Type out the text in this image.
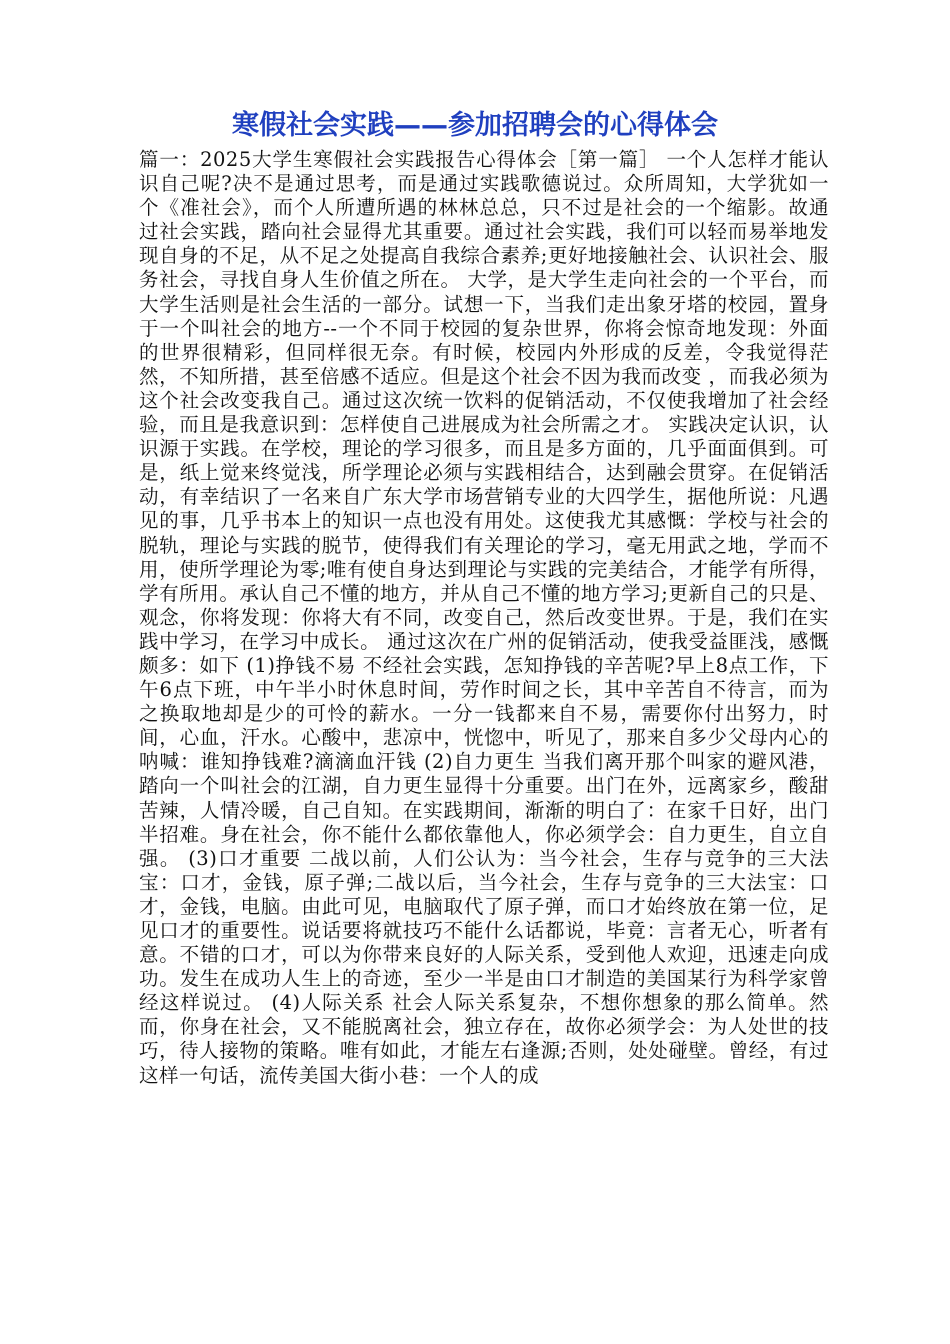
寒假社会实践——参加招聘会的心得体会

篇一：2025大学生寒假社会实践报告心得体会［第一篇］ 一个人怎样才能认识自己呢?决不是通过思考，而是通过实践歌德说过。众所周知，大学犹如一个《准社会》，而个人所遭所遇的林林总总，只不过是社会的一个缩影。故通过社会实践，踏向社会显得尤其重要。通过社会实践，我们可以轻而易举地发现自身的不足，从不足之处提高自我综合素养;更好地接触社会、认识社会、服务社会，寻找自身人生价值之所在。 大学，是大学生走向社会的一个平台，而大学生活则是社会生活的一部分。试想一下，当我们走出象牙塔的校园，置身于一个叫社会的地方--一个不同于校园的复杂世界，你将会惊奇地发现：外面的世界很精彩，但同样很无奈。有时候，校园内外形成的反差，令我觉得茫然，不知所措，甚至倍感不适应。但是这个社会不因为我而改变 ，而我必须为这个社会改变我自己。通过这次统一饮料的促销活动，不仅使我增加了社会经验，而且是我意识到：怎样使自己进展成为社会所需之才。 实践决定认识，认识源于实践。在学校，理论的学习很多，而且是多方面的，几乎面面俱到。可是，纸上觉来终觉浅，所学理论必须与实践相结合，达到融会贯穿。在促销活动，有幸结识了一名来自广东大学市场营销专业的大四学生，据他所说：凡遇见的事，几乎书本上的知识一点也没有用处。这使我尤其感慨：学校与社会的脱轨，理论与实践的脱节，使得我们有关理论的学习，毫无用武之地，学而不用，使所学理论为零;唯有使自身达到理论与实践的完美结合，才能学有所得，学有所用。承认自己不懂的地方，并从自己不懂的地方学习;更新自己的只是、观念，你将发现：你将大有不同，改变自己，然后改变世界。于是，我们在实践中学习，在学习中成长。 通过这次在广州的促销活动，使我受益匪浅，感慨颇多：如下 (1)挣钱不易 不经社会实践，怎知挣钱的辛苦呢?早上8点工作，下午6点下班，中午半小时休息时间，劳作时间之长，其中辛苦自不待言，而为之换取地却是少的可怜的薪水。一分一钱都来自不易，需要你付出努力，时间，心血，汗水。心酸中，悲凉中，恍惚中，听见了，那来自多少父母内心的呐喊：谁知挣钱难?滴滴血汗钱 (2)自力更生 当我们离开那个叫家的避风港，踏向一个叫社会的江湖，自力更生显得十分重要。出门在外，远离家乡，酸甜苦辣，人情冷暖，自己自知。在实践期间，渐渐的明白了：在家千日好，出门半招难。身在社会，你不能什么都依靠他人，你必须学会：自力更生，自立自强。 (3)口才重要 二战以前，人们公认为：当今社会，生存与竞争的三大法宝：口才，金钱，原子弹;二战以后，当今社会，生存与竞争的三大法宝：口才，金钱，电脑。由此可见，电脑取代了原子弹，而口才始终放在第一位，足见口才的重要性。说话要将就技巧不能什么话都说，毕竟：言者无心，听者有意。不错的口才，可以为你带来良好的人际关系，受到他人欢迎，迅速走向成功。发生在成功人生上的奇迹，至少一半是由口才制造的美国某行为科学家曾经这样说过。 (4)人际关系 社会人际关系复杂，不想你想象的那么简单。然而，你身在社会，又不能脱离社会，独立存在，故你必须学会：为人处世的技巧，待人接物的策略。唯有如此，才能左右逢源;否则，处处碰壁。曾经，有过这样一句话，流传美国大街小巷：一个人的成
